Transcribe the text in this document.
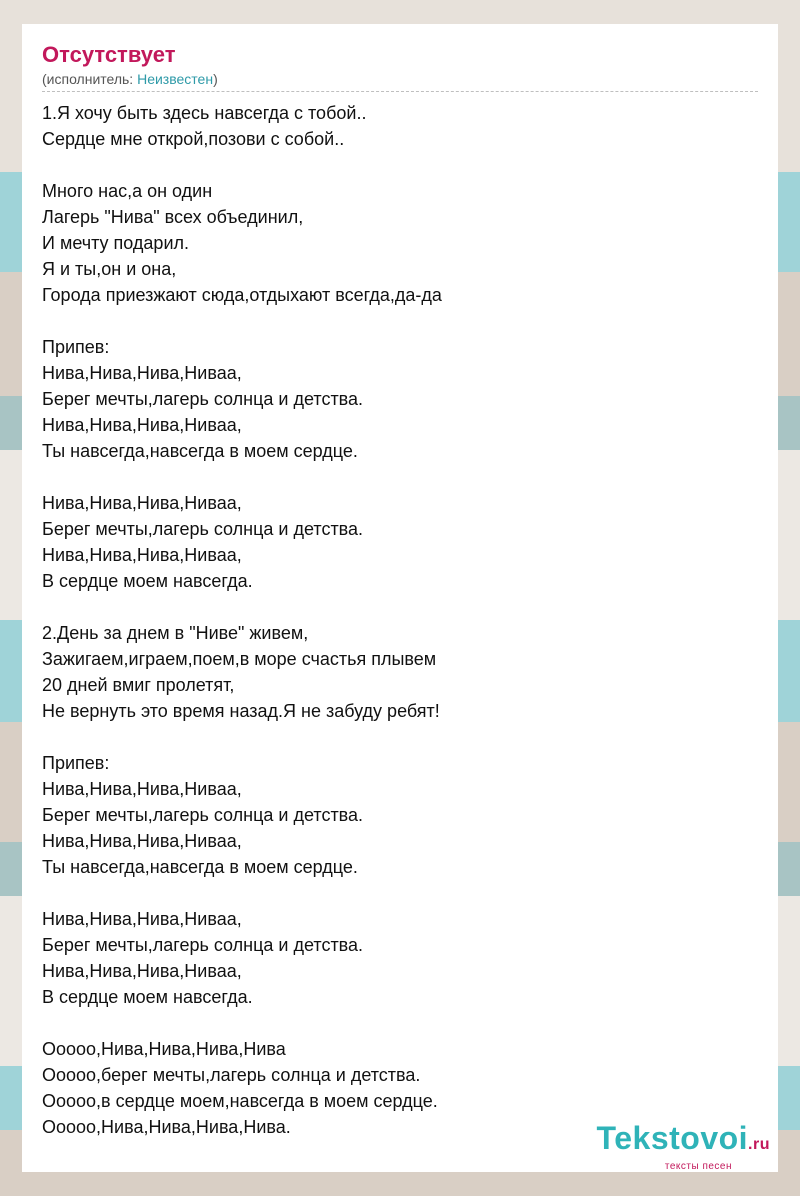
Отсутствует
(исполнитель: Неизвестен)
1.Я хочу быть здесь навсегда с тобой..
Сердце мне открой,позови с собой..
Много нас,а он один
Лагерь "Нива" всех объединил,
И мечту подарил.
Я и ты,он и она,
Города приезжают сюда,отдыхают всегда,да-да
Припев:
Нива,Нива,Нива,Ниваа,
Берег мечты,лагерь солнца и детства.
Нива,Нива,Нива,Ниваа,
Ты навсегда,навсегда в моем сердце.
Нива,Нива,Нива,Ниваа,
Берег мечты,лагерь солнца и детства.
Нива,Нива,Нива,Ниваа,
В сердце моем навсегда.
2.День за днем в "Ниве" живем,
Зажигаем,играем,поем,в море счастья плывем
20 дней вмиг пролетят,
Не вернуть это время назад.Я не забуду ребят!
Припев:
Нива,Нива,Нива,Ниваа,
Берег мечты,лагерь солнца и детства.
Нива,Нива,Нива,Ниваа,
Ты навсегда,навсегда в моем сердце.
Нива,Нива,Нива,Ниваа,
Берег мечты,лагерь солнца и детства.
Нива,Нива,Нива,Ниваа,
В сердце моем навсегда.
Ооооо,Нива,Нива,Нива,Нива
Ооооо,берег мечты,лагерь солнца и детства.
Ооооо,в сердце моем,навсегда в моем сердце.
Ооооо,Нива,Нива,Нива,Нива.	Tekstovoi.ru
тексты песен
